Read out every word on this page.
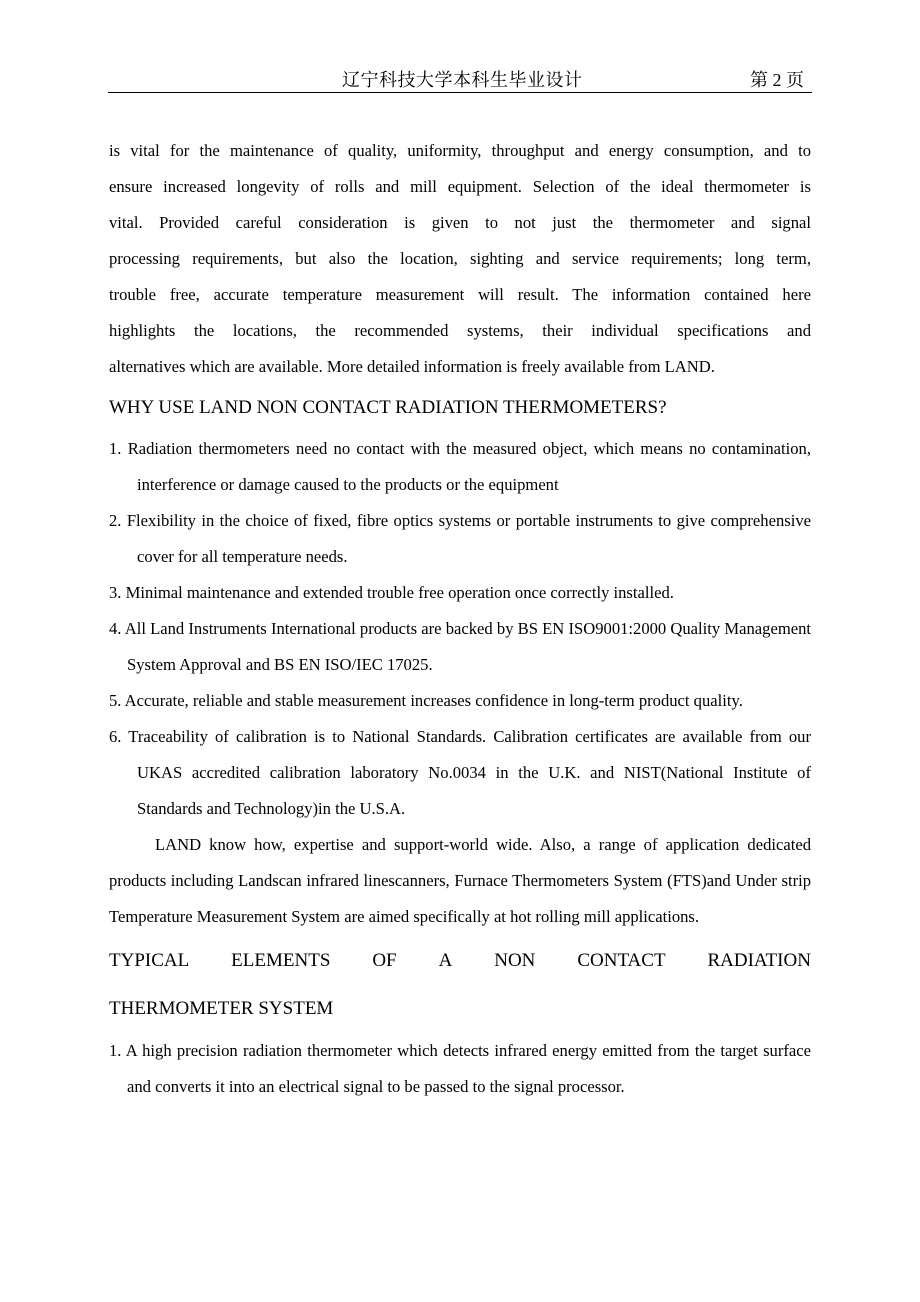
辽宁科技大学本科生毕业设计	第 2 页

is vital for the maintenance of quality, uniformity, throughput and energy consumption, and to

ensure increased longevity of rolls and mill equipment. Selection of the ideal thermometer is

vital. Provided careful consideration is given to not just the thermometer and signal

processing requirements, but also the location, sighting and service requirements; long term,

trouble free, accurate temperature measurement will result. The information contained here

highlights the locations, the recommended systems, their individual specifications and

alternatives which are available. More detailed information is freely available from LAND.

WHY USE LAND NON CONTACT RADIATION THERMOMETERS?
1. Radiation thermometers need no contact with the measured object, which means no contamination, interference or damage caused to the products or the equipment
2. Flexibility in the choice of fixed, fibre optics systems or portable instruments to give comprehensive cover for all temperature needs.
3. Minimal maintenance and extended trouble free operation once correctly installed.
4. All Land Instruments International products are backed by BS EN ISO9001:2000 Quality Management System Approval and BS EN ISO/IEC 17025.
5. Accurate, reliable and stable measurement increases confidence in long-term product quality.
6. Traceability of calibration is to National Standards. Calibration certificates are available from our UKAS accredited calibration laboratory No.0034 in the U.K. and NIST(National Institute of Standards and Technology)in the U.S.A.

LAND know how, expertise and support-world wide. Also, a range of application dedicated products including Landscan infrared linescanners, Furnace Thermometers System (FTS)and Under strip Temperature Measurement System are aimed specifically at hot rolling mill applications.

TYPICAL ELEMENTS OF A NON CONTACT RADIATION
THERMOMETER SYSTEM
1. A high precision radiation thermometer which detects infrared energy emitted from the target surface and converts it into an electrical signal to be passed to the signal processor.
